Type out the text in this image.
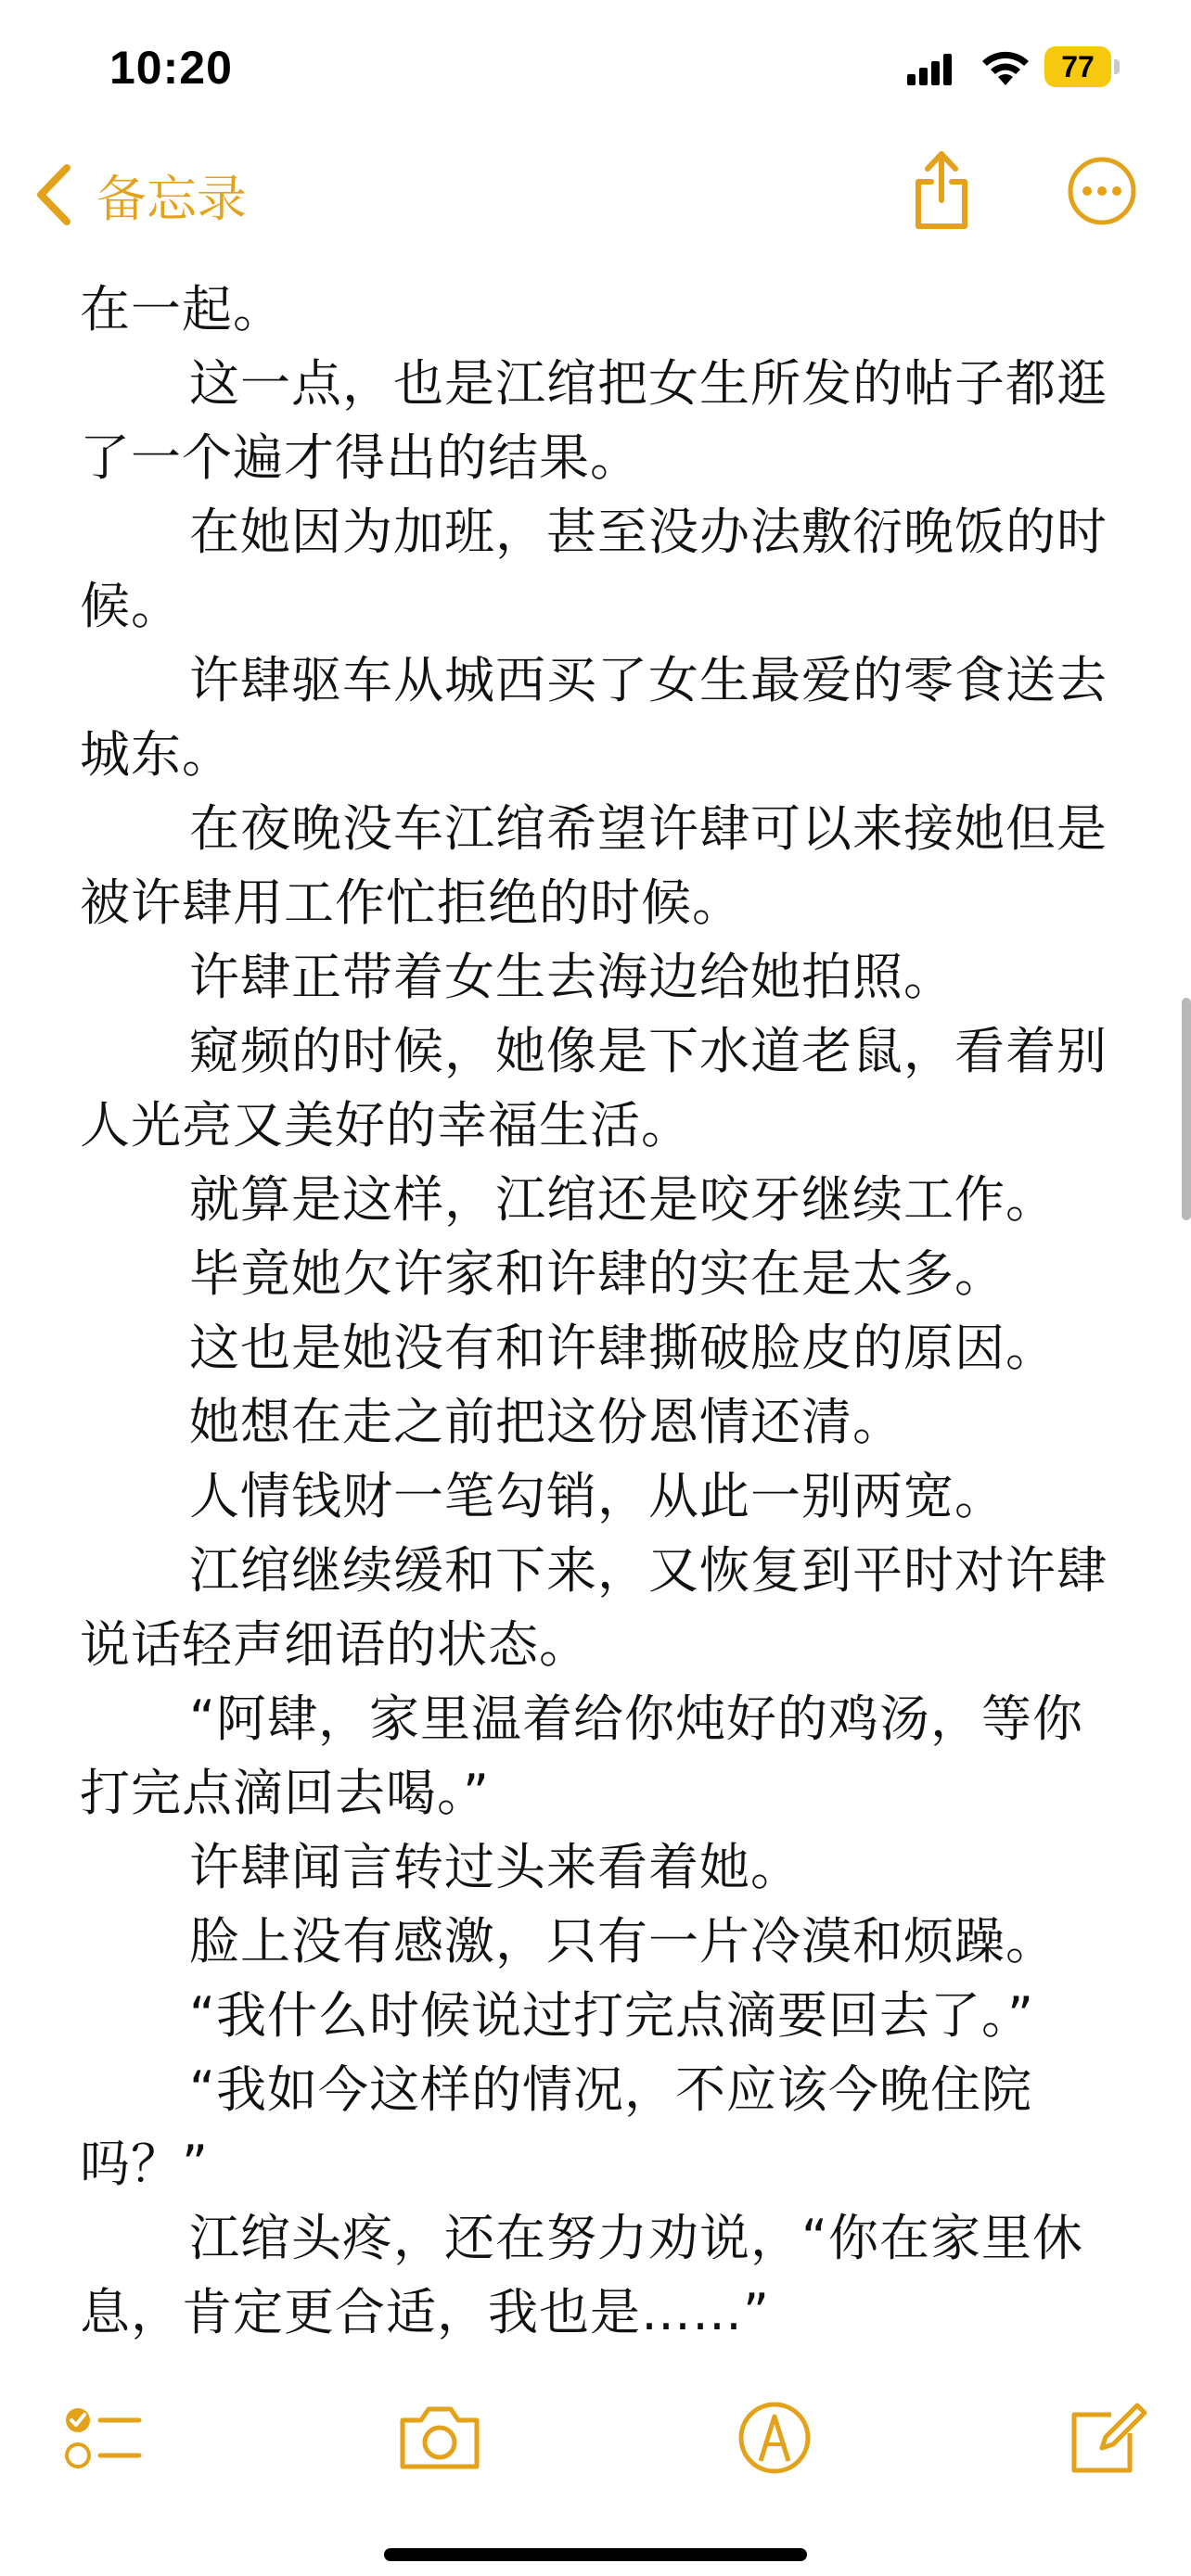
10:20	77
备忘录
在一起。
这一点，也是江绾把女生所发的帖子都逛了一个遍才得出的结果。
在她因为加班，甚至没办法敷衍晚饭的时候。
许肆驱车从城西买了女生最爱的零食送去城东。
在夜晚没车江绾希望许肆可以来接她但是被许肆用工作忙拒绝的时候。
许肆正带着女生去海边给她拍照。
窥频的时候，她像是下水道老鼠，看着别人光亮又美好的幸福生活。
就算是这样，江绾还是咬牙继续工作。
毕竟她欠许家和许肆的实在是太多。
这也是她没有和许肆撕破脸皮的原因。
她想在走之前把这份恩情还清。
人情钱财一笔勾销，从此一别两宽。
江绾继续缓和下来，又恢复到平时对许肆说话轻声细语的状态。
“阿肆，家里温着给你炖好的鸡汤，等你打完点滴回去喝。”
许肆闻言转过头来看着她。
脸上没有感激，只有一片冷漠和烦躁。
“我什么时候说过打完点滴要回去了。”
“我如今这样的情况，不应该今晚住院吗？”
江绾头疼，还在努力劝说，“你在家里休息，肯定更合适，我也是……”
